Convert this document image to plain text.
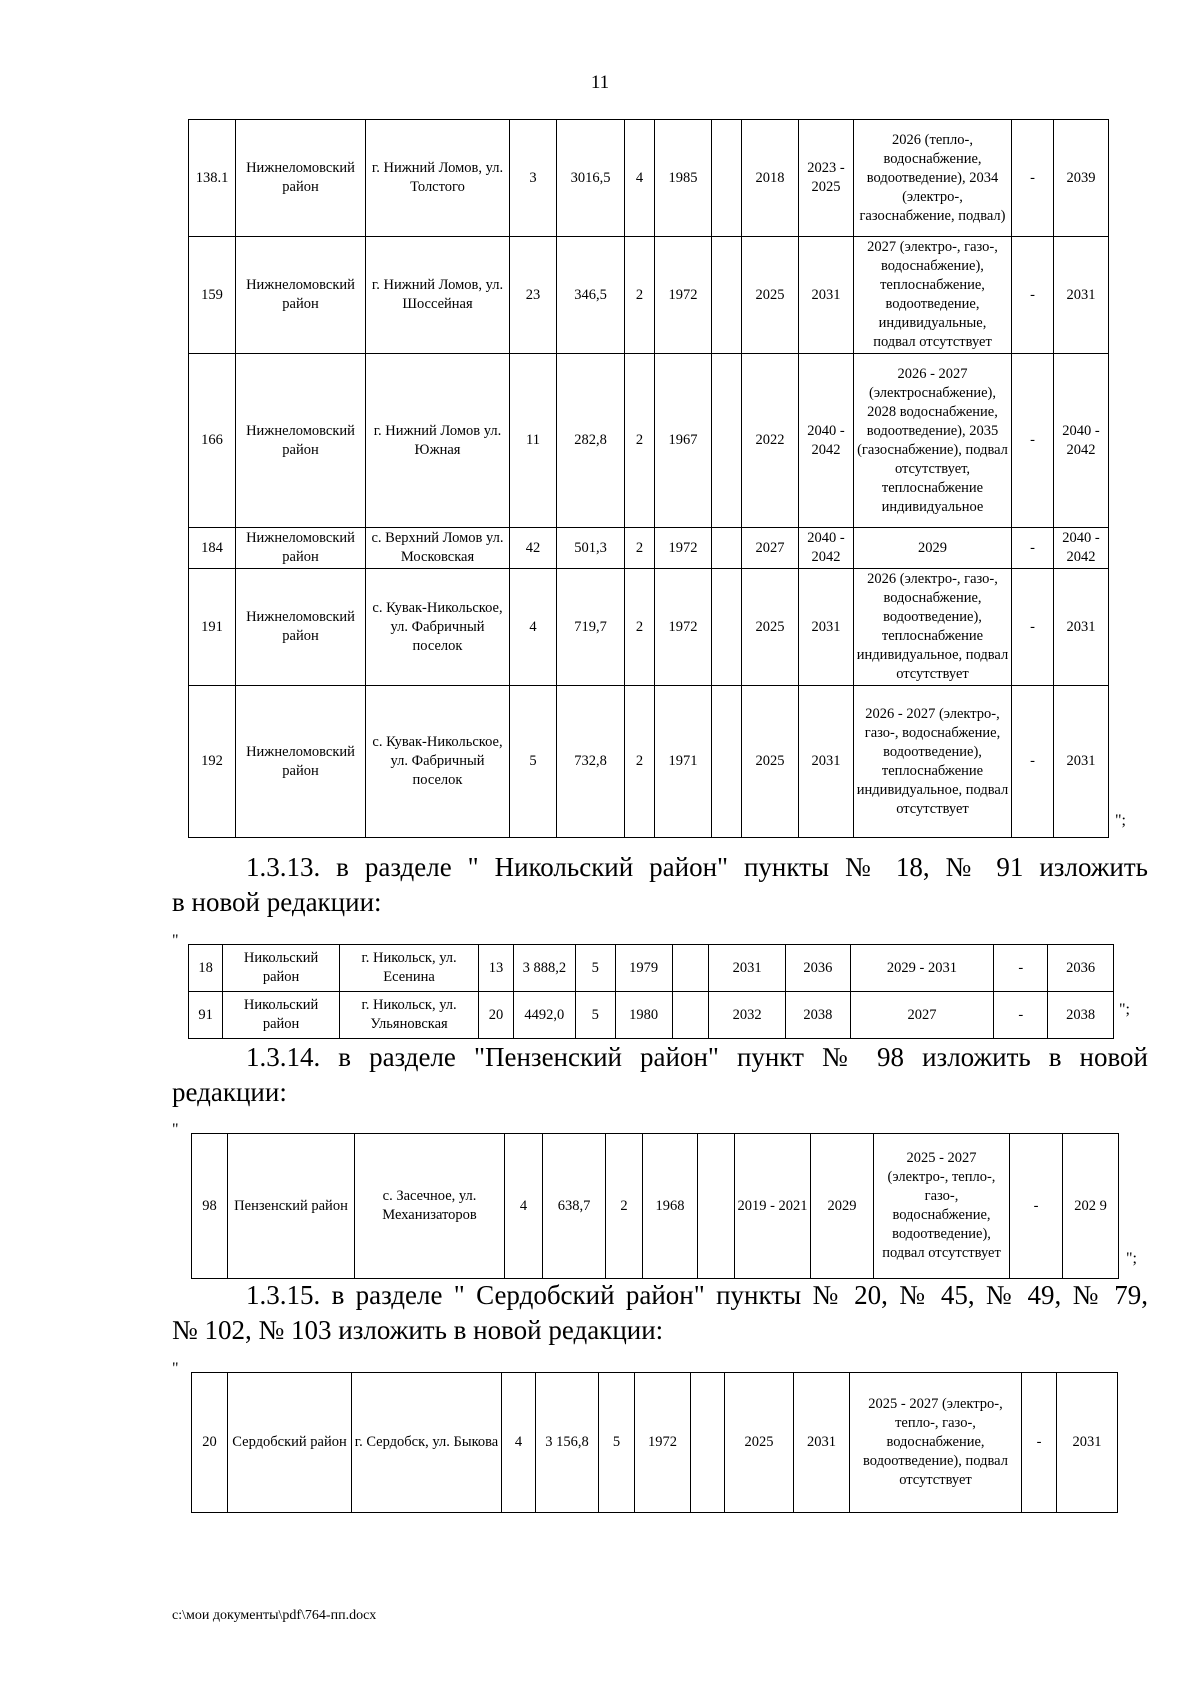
11
138.1	Нижнеломовский район	г. Нижний Ломов, ул. Толстого	3	3016,5	4	1985		2018	2023 - 2025	2026 (тепло-, водоснабжение, водоотведение), 2034 (электро-, газоснабжение, подвал)	-	2039
159	Нижнеломовский район	г. Нижний Ломов, ул. Шоссейная	23	346,5	2	1972		2025	2031	2027 (электро-, газо-, водоснабжение), теплоснабжение, водоотведение, индивидуальные, подвал отсутствует	-	2031
166	Нижнеломовский район	г. Нижний Ломов ул. Южная	11	282,8	2	1967		2022	2040 - 2042	2026 - 2027 (электроснабжение), 2028 водоснабжение, водоотведение), 2035 (газоснабжение), подвал отсутствует, теплоснабжение индивидуальное	-	2040 - 2042
184	Нижнеломовский район	с. Верхний Ломов ул. Московская	42	501,3	2	1972		2027	2040 - 2042	2029	-	2040 - 2042
191	Нижнеломовский район	с. Кувак-Никольское, ул. Фабричный поселок	4	719,7	2	1972		2025	2031	2026 (электро-, газо-, водоснабжение, водоотведение), теплоснабжение индивидуальное, подвал отсутствует	-	2031
192	Нижнеломовский район	с. Кувак-Никольское, ул. Фабричный поселок	5	732,8	2	1971		2025	2031	2026 - 2027 (электро-, газо-, водоснабжение, водоотведение), теплоснабжение индивидуальное, подвал отсутствует	-	2031
";
1.3.13. в разделе " Никольский район" пункты № 18, № 91 изложить
в новой редакции:
"
18	Никольский район	г. Никольск, ул. Есенина	13	3 888,2	5	1979		2031	2036	2029 - 2031	-	2036
91	Никольский район	г. Никольск, ул. Ульяновская	20	4492,0	5	1980		2032	2038	2027	-	2038 ";
1.3.14. в разделе "Пензенский район" пункт № 98 изложить в новой
редакции:
"
98	Пензенский район	с. Засечное, ул. Механизаторов	4	638,7	2	1968		2019 - 2021	2029	2025 - 2027 (электро-, тепло-, газо-, водоснабжение, водоотведение), подвал отсутствует	-	202 9
";
1.3.15. в разделе " Сердобский район" пункты № 20, № 45, № 49, № 79,
№ 102, № 103 изложить в новой редакции:
"
20	Сердобский район	г. Сердобск, ул. Быкова	4	3 156,8	5	1972		2025	2031	2025 - 2027 (электро-, тепло-, газо-, водоснабжение, водоотведение), подвал отсутствует	-	2031
c:\мои документы\pdf\764-пп.docx
